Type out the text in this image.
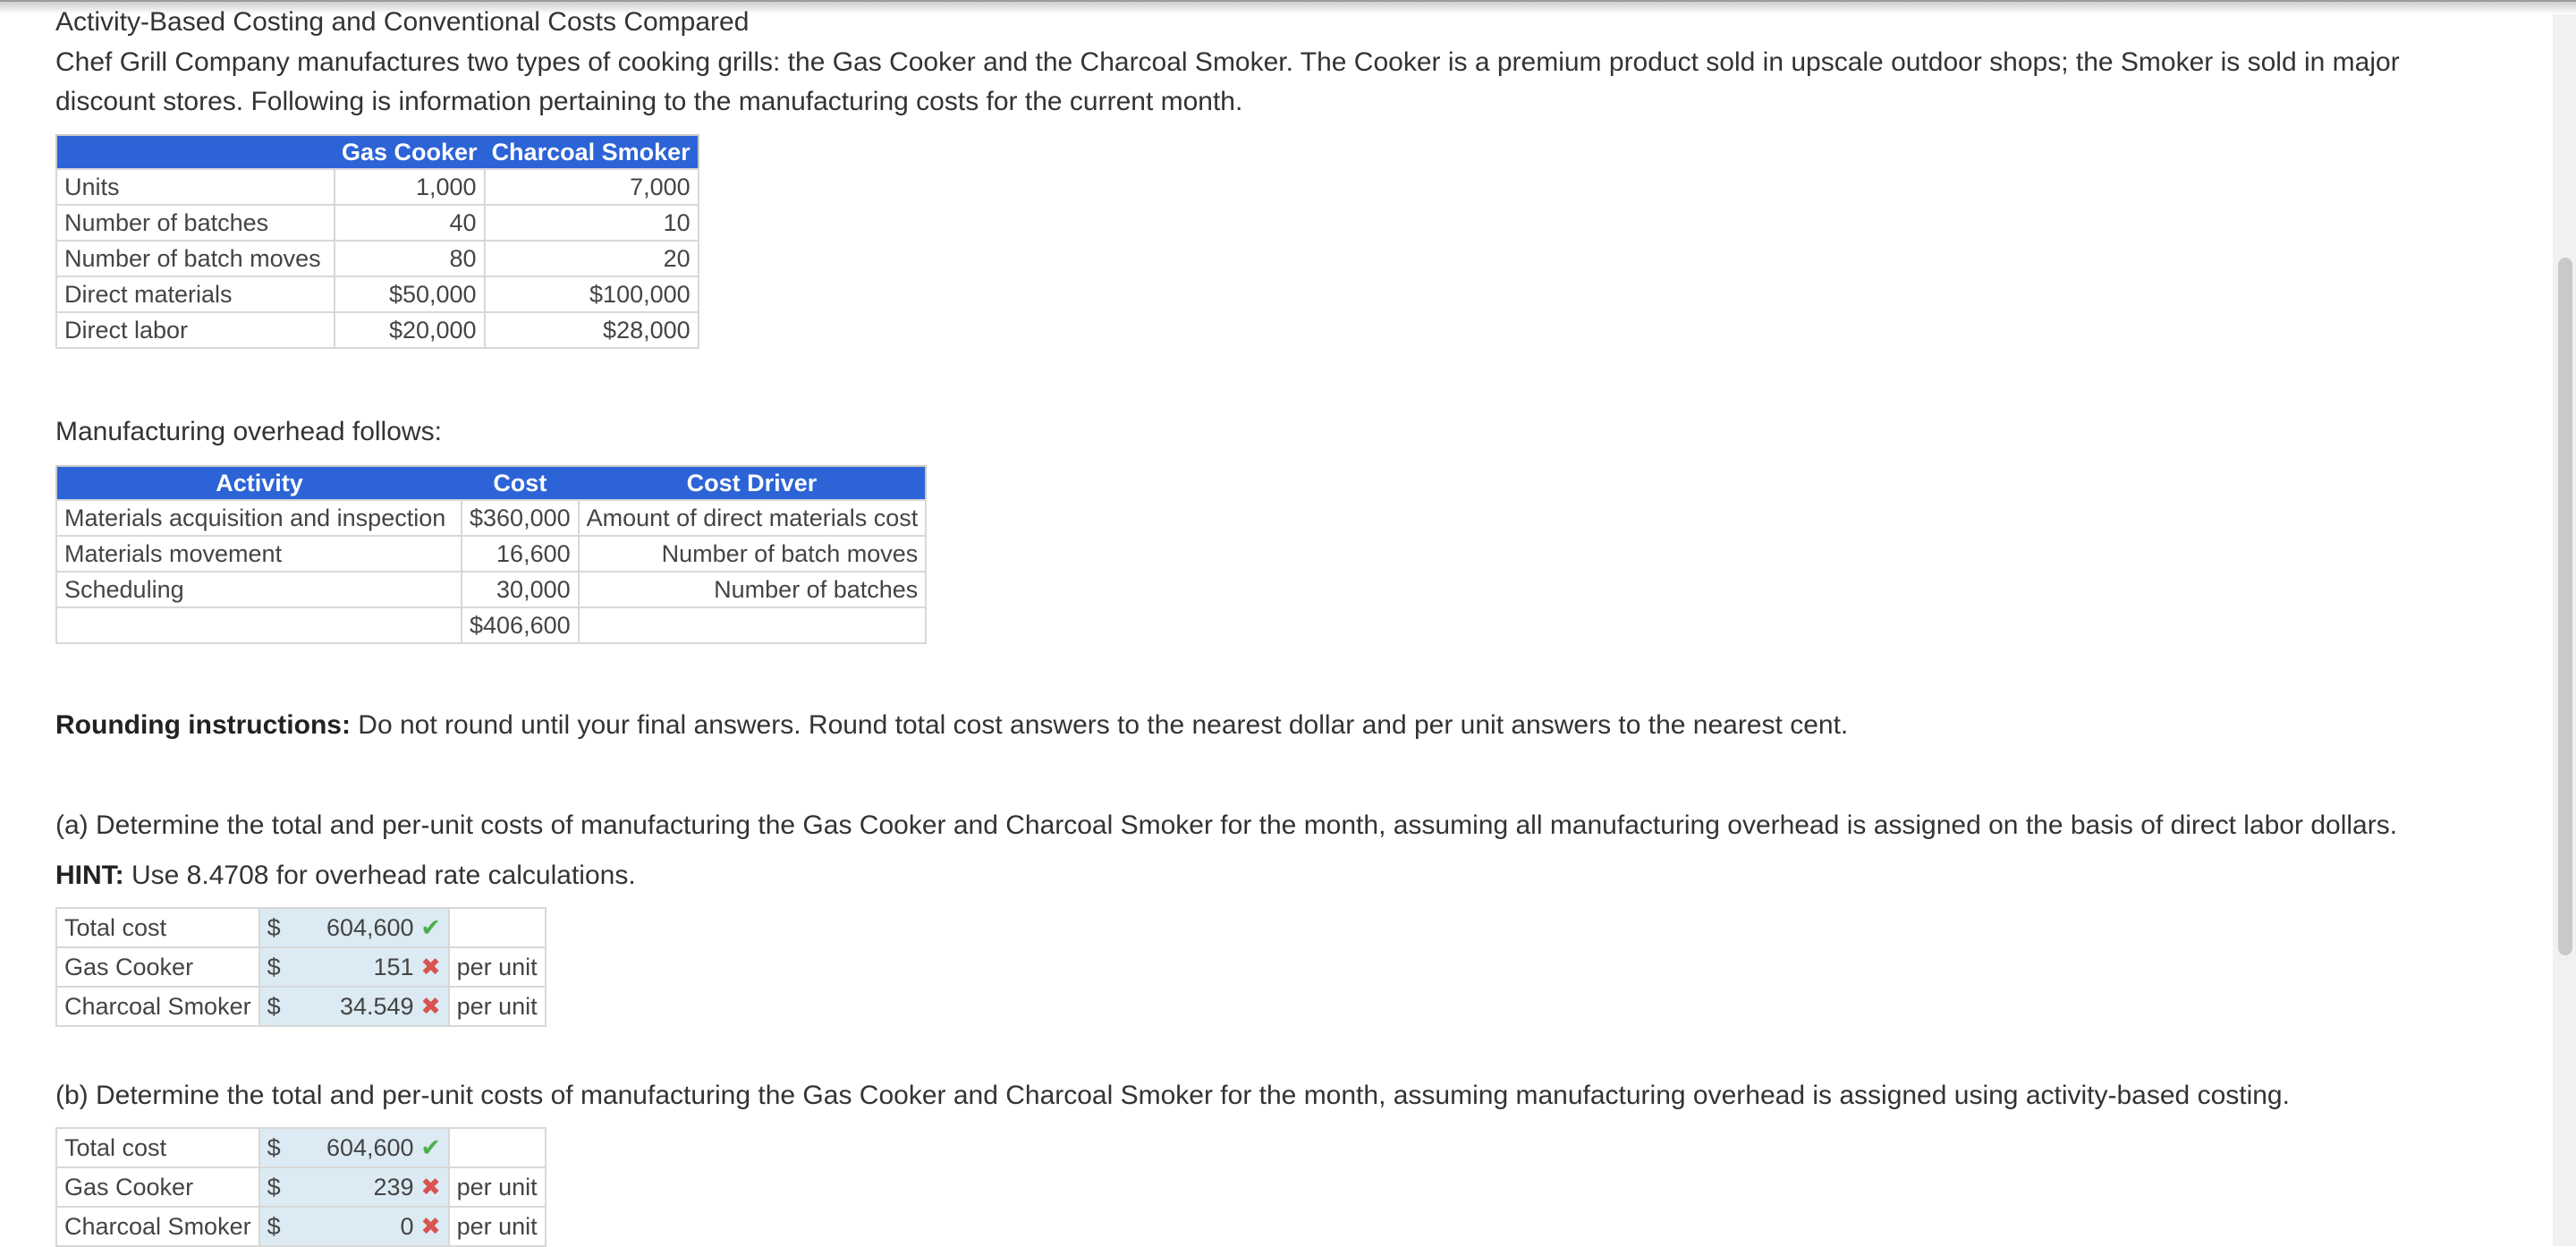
Activity-Based Costing and Conventional Costs Compared
Chef Grill Company manufactures two types of cooking grills: the Gas Cooker and the Charcoal Smoker. The Cooker is a premium product sold in upscale outdoor shops; the Smoker is sold in major discount stores. Following is information pertaining to the manufacturing costs for the current month.
	Gas Cooker	Charcoal Smoker
Units	1,000	7,000
Number of batches	40	10
Number of batch moves	80	20
Direct materials	$50,000	$100,000
Direct labor	$20,000	$28,000
Manufacturing overhead follows:
Activity	Cost	Cost Driver
Materials acquisition and inspection	$360,000	Amount of direct materials cost
Materials movement	16,600	Number of batch moves
Scheduling	30,000	Number of batches
	$406,600	
Rounding instructions: Do not round until your final answers. Round total cost answers to the nearest dollar and per unit answers to the nearest cent.
(a) Determine the total and per-unit costs of manufacturing the Gas Cooker and Charcoal Smoker for the month, assuming all manufacturing overhead is assigned on the basis of direct labor dollars.
HINT: Use 8.4708 for overhead rate calculations.
Total cost	$	604,600 ✔	
Gas Cooker	$	151 ✖	per unit
Charcoal Smoker	$	34.549 ✖	per unit
(b) Determine the total and per-unit costs of manufacturing the Gas Cooker and Charcoal Smoker for the month, assuming manufacturing overhead is assigned using activity-based costing.
Total cost	$	604,600 ✔	
Gas Cooker	$	239 ✖	per unit
Charcoal Smoker	$	0 ✖	per unit
